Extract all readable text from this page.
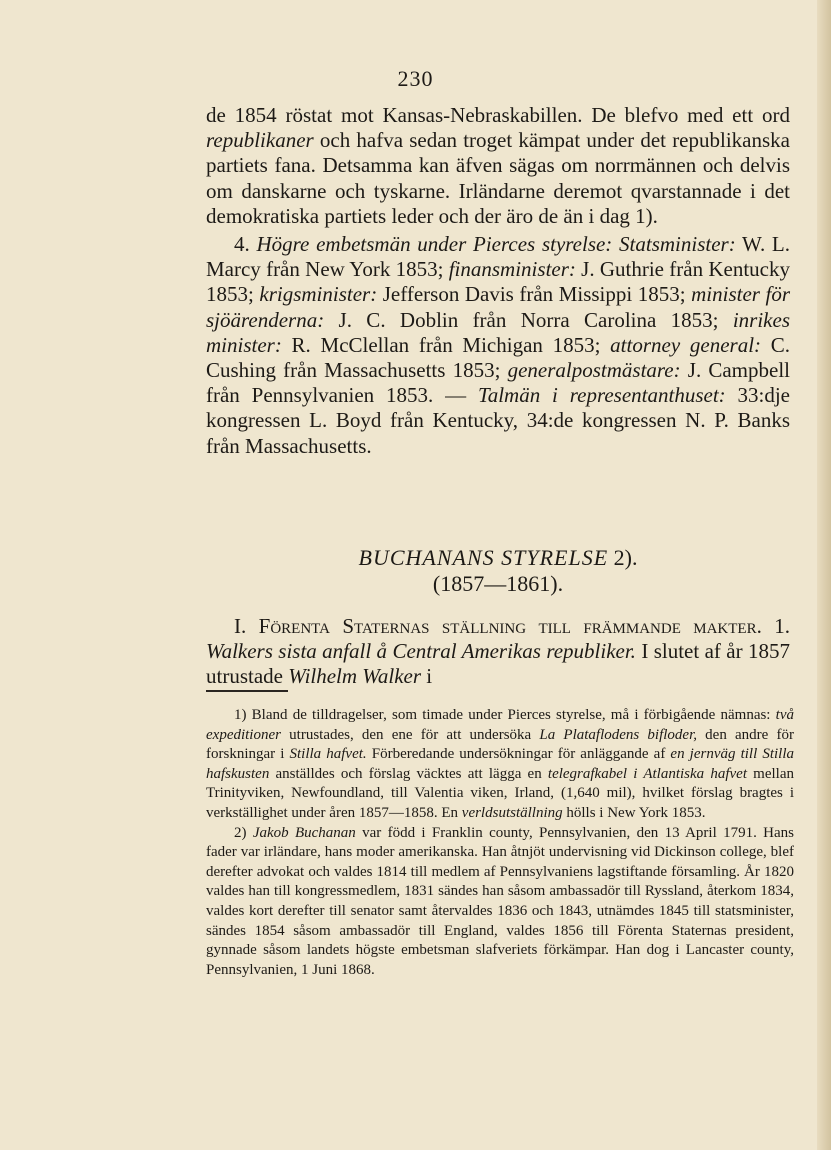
230

de 1854 röstat mot Kansas-Nebraskabillen. De blefvo med ett ord republikaner och hafva sedan troget kämpat under det republikanska partiets fana. Detsamma kan äfven sägas om norrmännen och delvis om danskarne och tyskarne. Irländarne deremot qvarstannade i det demokratiska partiets leder och der äro de än i dag 1).

4. Högre embetsmän under Pierces styrelse: Statsminister: W. L. Marcy från New York 1853; finansminister: J. Guthrie från Kentucky 1853; krigsminister: Jefferson Davis från Missippi 1853; minister för sjöärenderna: J. C. Doblin från Norra Carolina 1853; inrikes minister: R. McClellan från Michigan 1853; attorney general: C. Cushing från Massachusetts 1853; generalpostmästare: J. Campbell från Pennsylvanien 1853. — Talmän i representanthuset: 33:dje kongressen L. Boyd från Kentucky, 34:de kongressen N. P. Banks från Massachusetts.

BUCHANANS STYRELSE 2).
(1857—1861).

I. Förenta Staternas ställning till främmande makter. 1. Walkers sista anfall å Central Amerikas republiker. I slutet af år 1857 utrustade Wilhelm Walker i

1) Bland de tilldragelser, som timade under Pierces styrelse, må i förbigående nämnas: två expeditioner utrustades, den ene för att undersöka La Plataflodens bifloder, den andre för forskningar i Stilla hafvet. Förberedande undersökningar för anläggande af en jernväg till Stilla hafskusten anställdes och förslag väcktes att lägga en telegrafkabel i Atlantiska hafvet mellan Trinityviken, Newfoundland, till Valentia viken, Irland, (1,640 mil), hvilket förslag bragtes i verkställighet under åren 1857—1858. En verldsutställning hölls i New York 1853.

2) Jakob Buchanan var född i Franklin county, Pennsylvanien, den 13 April 1791. Hans fader var irländare, hans moder amerikanska. Han åtnjöt undervisning vid Dickinson college, blef derefter advokat och valdes 1814 till medlem af Pennsylvaniens lagstiftande församling. År 1820 valdes han till kongressmedlem, 1831 sändes han såsom ambassadör till Ryssland, återkom 1834, valdes kort derefter till senator samt återvaldes 1836 och 1843, utnämdes 1845 till statsminister, sändes 1854 såsom ambassadör till England, valdes 1856 till Förenta Staternas president, gynnade såsom landets högste embetsman slafveriets förkämpar. Han dog i Lancaster county, Pennsylvanien, 1 Juni 1868.
